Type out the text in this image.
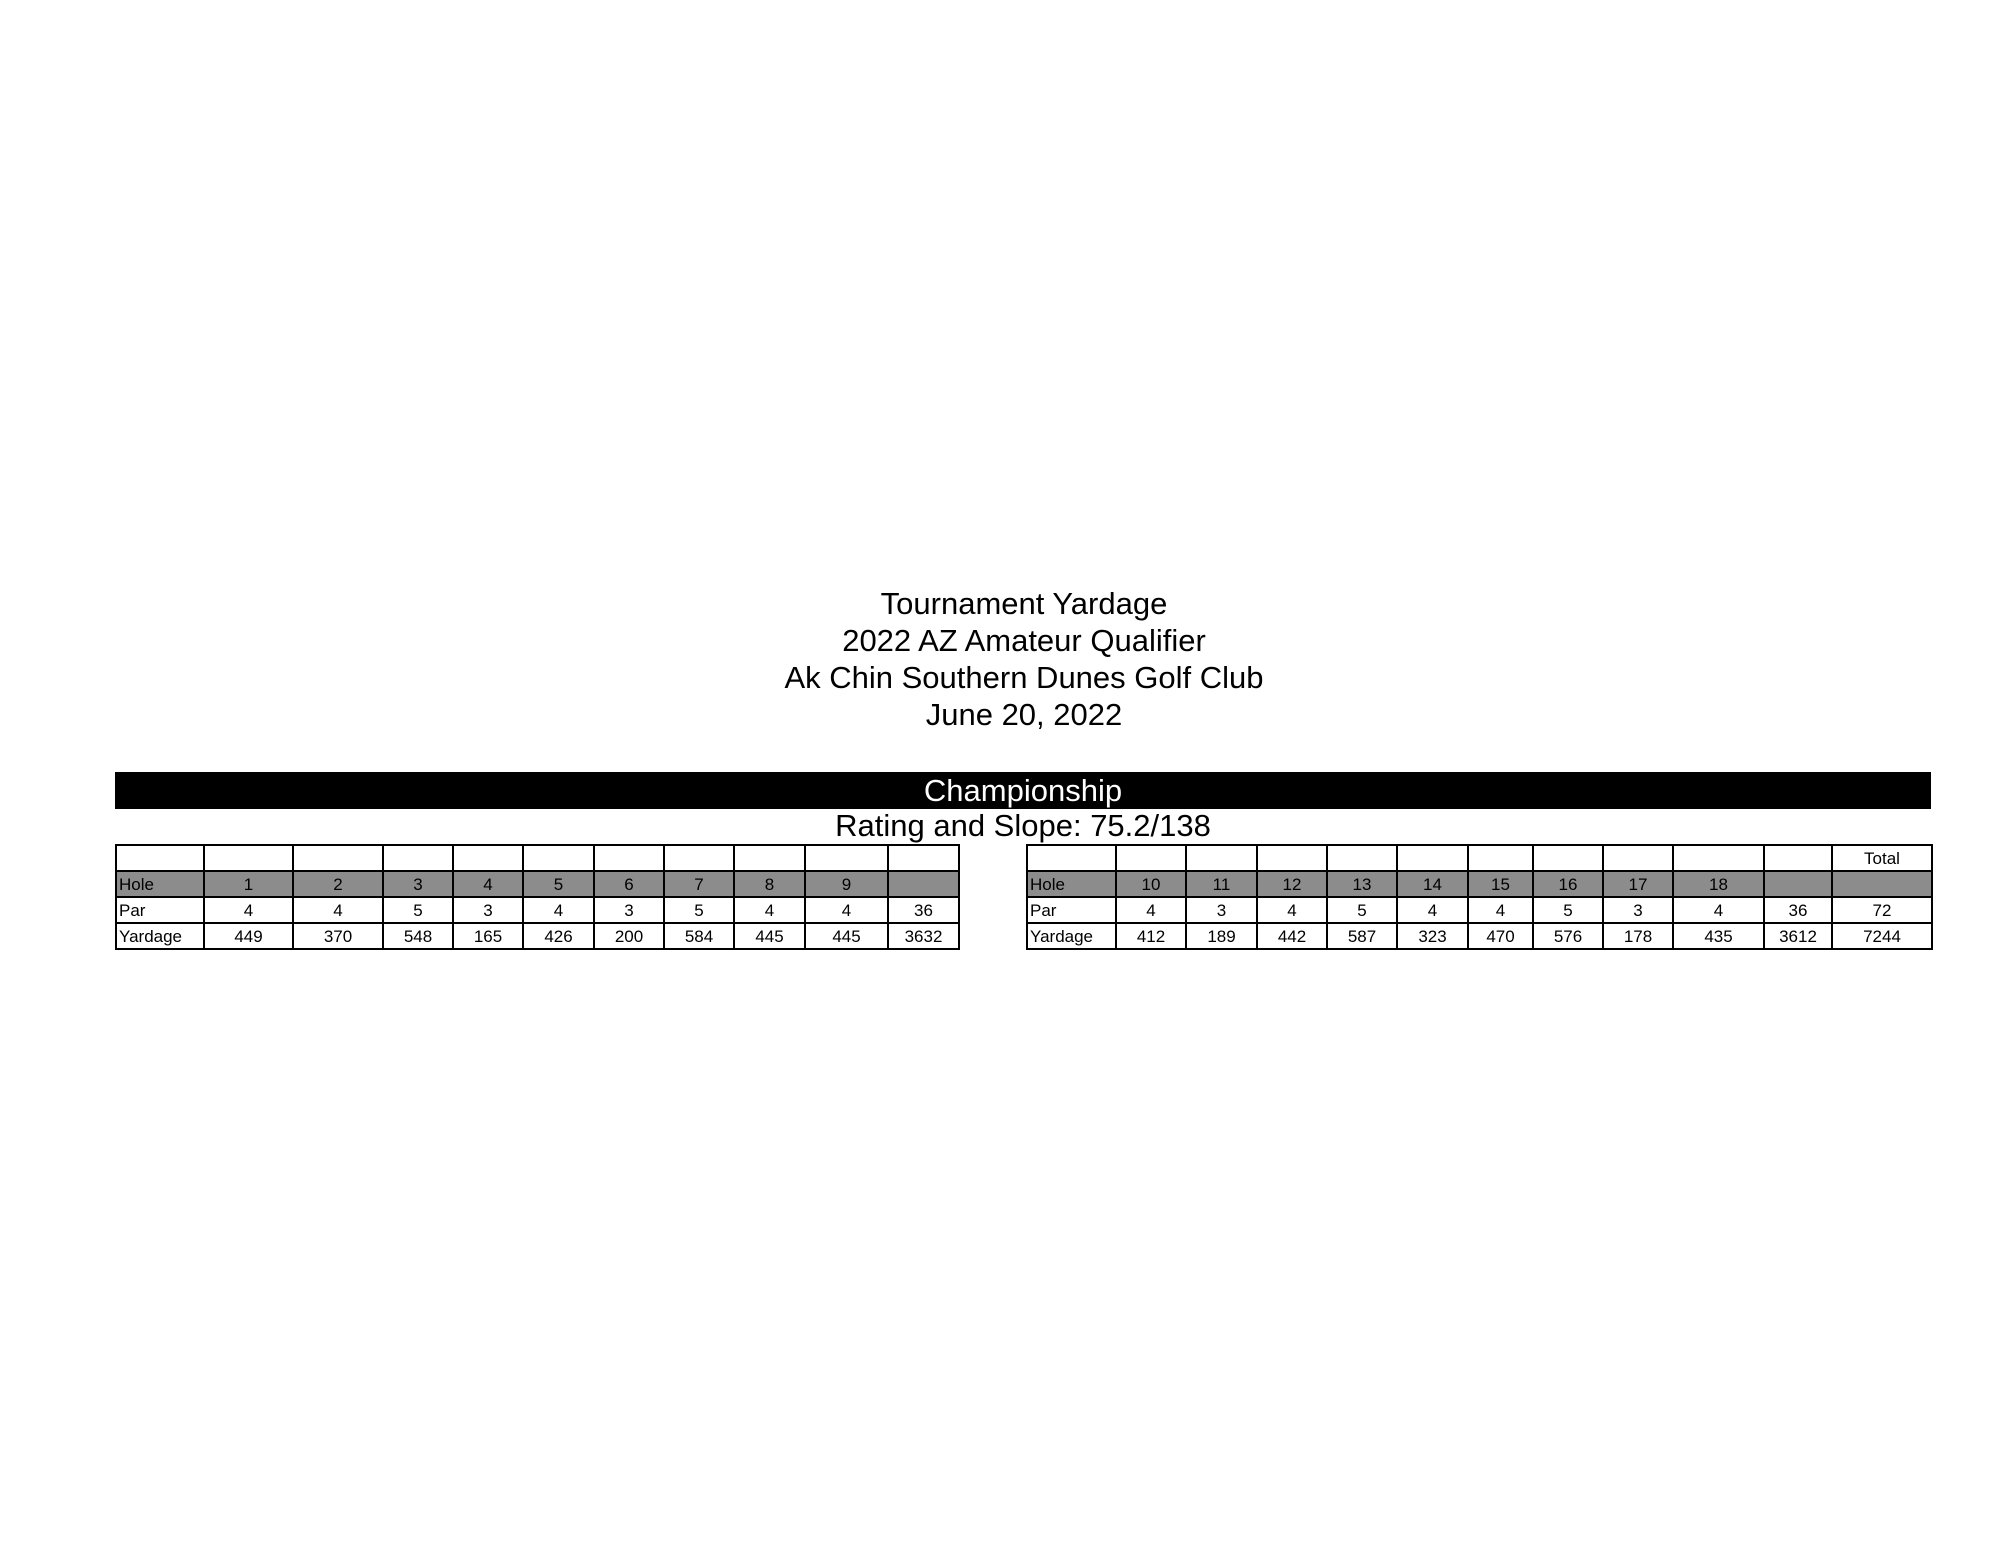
Tournament Yardage
2022 AZ Amateur Qualifier
Ak Chin Southern Dunes Golf Club
June 20, 2022
Championship
Rating and Slope: 75.2/138

Hole	1	2	3	4	5	6	7	8	9	
Par	4	4	5	3	4	3	5	4	4	36
Yardage	449	370	548	165	426	200	584	445	445	3632
											Total
Hole	10	11	12	13	14	15	16	17	18		
Par	4	3	4	5	4	4	5	3	4	36	72
Yardage	412	189	442	587	323	470	576	178	435	3612	7244
